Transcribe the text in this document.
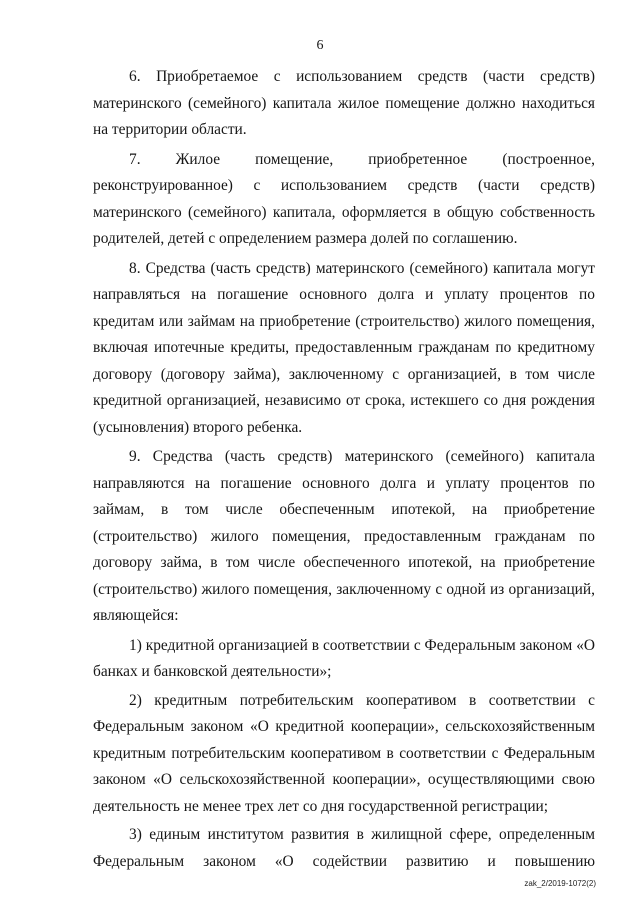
6

6. Приобретаемое с использованием средств (части средств) материнского (семейного) капитала жилое помещение должно находиться на территории области.

7. Жилое помещение, приобретенное (построенное, реконструированное) с использованием средств (части средств) материнского (семейного) капитала, оформляется в общую собственность родителей, детей с определением размера долей по соглашению.

8. Средства (часть средств) материнского (семейного) капитала могут направляться на погашение основного долга и уплату процентов по кредитам или займам на приобретение (строительство) жилого помещения, включая ипотечные кредиты, предоставленным гражданам по кредитному договору (договору займа), заключенному с организацией, в том числе кредитной организацией, независимо от срока, истекшего со дня рождения (усыновления) второго ребенка.

9. Средства (часть средств) материнского (семейного) капитала направляются на погашение основного долга и уплату процентов по займам, в том числе обеспеченным ипотекой, на приобретение (строительство) жилого помещения, предоставленным гражданам по договору займа, в том числе обеспеченного ипотекой, на приобретение (строительство) жилого помещения, заключенному с одной из организаций, являющейся:

1) кредитной организацией в соответствии с Федеральным законом «О банках и банковской деятельности»;

2) кредитным потребительским кооперативом в соответствии с Федеральным законом «О кредитной кооперации», сельскохозяйственным кредитным потребительским кооперативом в соответствии с Федеральным законом «О сельскохозяйственной кооперации», осуществляющими свою деятельность не менее трех лет со дня государственной регистрации;

3) единым институтом развития в жилищной сфере, определенным Федеральным законом «О содействии развитию и повышению

zak_2/2019-1072(2)
